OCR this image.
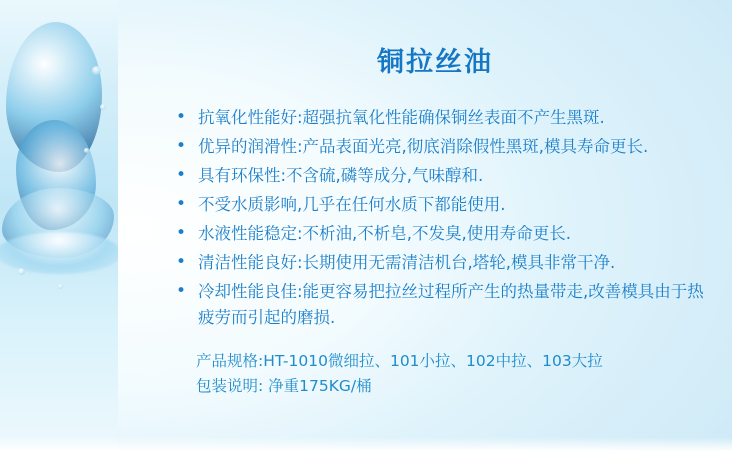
铜拉丝油
• 抗氧化性能好:超强抗氧化性能确保铜丝表面不产生黑斑.
• 优异的润滑性:产品表面光亮,彻底消除假性黑斑,模具寿命更长.
• 具有环保性:不含硫,磷等成分,气味醇和.
• 不受水质影响,几乎在任何水质下都能使用.
• 水液性能稳定:不析油,不析皂,不发臭,使用寿命更长.
• 清洁性能良好:长期使用无需清洁机台,塔轮,模具非常干净.
• 冷却性能良佳:能更容易把拉丝过程所产生的热量带走,改善模具由于热疲劳而引起的磨损.
产品规格:HT-1010微细拉、101小拉、102中拉、103大拉
包装说明: 净重175KG/桶
